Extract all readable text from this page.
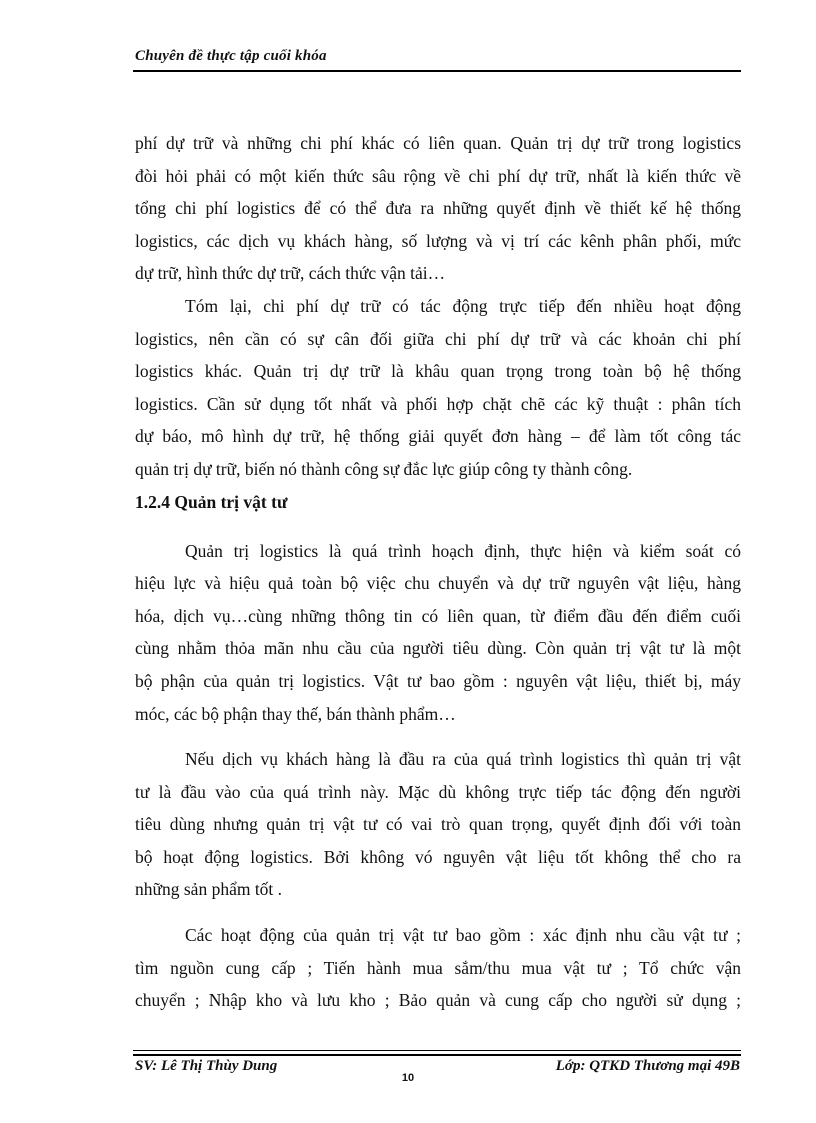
Chuyên đề thực tập cuối khóa
phí dự trữ và những chi phí khác có liên quan. Quản trị dự trữ trong logistics
đòi hỏi phải có một kiến thức sâu rộng về chi phí dự trữ, nhất là kiến thức về
tổng chi phí logistics để có thể đưa ra những quyết định về thiết kế hệ thống
logistics, các dịch vụ khách hàng, số lượng và vị trí các kênh phân phối, mức
dự trữ, hình thức dự trữ, cách thức vận tải…
Tóm lại, chi phí dự trữ có tác động trực tiếp đến nhiều hoạt động
logistics, nên cần có sự cân đối giữa chi phí dự trữ và các khoản chi phí
logistics khác. Quản trị dự trữ là khâu quan trọng trong toàn bộ hệ thống
logistics. Cần sử dụng tốt nhất và phối hợp chặt chẽ các kỹ thuật : phân tích
dự báo, mô hình dự trữ, hệ thống giải quyết đơn hàng – để làm tốt công tác
quản trị dự trữ, biến nó thành công sự đắc lực giúp công ty thành công.
1.2.4 Quản trị vật tư
Quản trị logistics là quá trình hoạch định, thực hiện và kiểm soát có
hiệu lực và hiệu quả toàn bộ việc chu chuyển và dự trữ nguyên vật liệu, hàng
hóa, dịch vụ…cùng những thông tin có liên quan, từ điểm đầu đến điểm cuối
cùng nhằm thỏa mãn nhu cầu của người tiêu dùng. Còn quản trị vật tư là một
bộ phận của quản trị logistics. Vật tư bao gồm : nguyên vật liệu, thiết bị, máy
móc, các bộ phận thay thế, bán thành phẩm…
Nếu dịch vụ khách hàng là đầu ra của quá trình logistics thì quản trị vật
tư là đầu vào của quá trình này. Mặc dù không trực tiếp tác động đến người
tiêu dùng nhưng quản trị vật tư có vai trò quan trọng, quyết định đối với toàn
bộ hoạt động logistics. Bởi không vó nguyên vật liệu tốt không thể cho ra
những sản phẩm tốt .
Các hoạt động của quản trị vật tư bao gồm : xác định nhu cầu vật tư ;
tìm nguồn cung cấp ; Tiến hành mua sắm/thu mua vật tư ; Tổ chức vận
chuyển ; Nhập kho và lưu kho ; Bảo quản và cung cấp cho người sử dụng ;
SV: Lê Thị Thùy Dung	Lớp: QTKD Thương mại 49B
10
